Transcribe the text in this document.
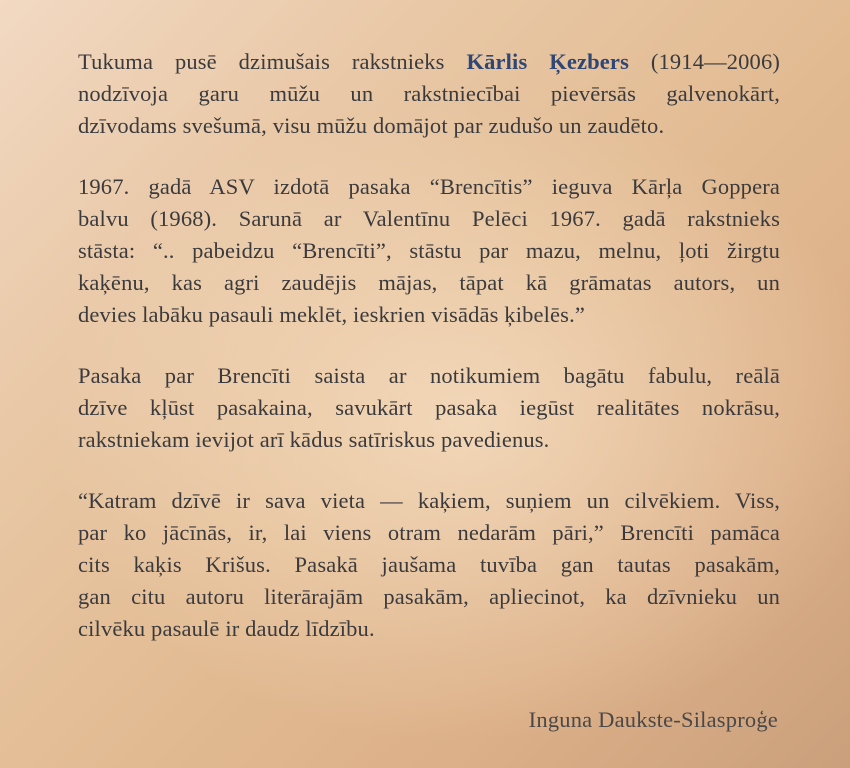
Tukuma pusē dzimušais rakstnieks Kārlis Ķezbers (1914—2006)
nodzīvoja garu mūžu un rakstniecībai pievērsās galvenokārt,
dzīvodams svešumā, visu mūžu domājot par zudušo un zaudēto.

1967. gadā ASV izdotā pasaka “Brencītis” ieguva Kārļa Goppera
balvu (1968). Sarunā ar Valentīnu Pelēci 1967. gadā rakstnieks
stāsta: “.. pabeidzu “Brencīti”, stāstu par mazu, melnu, ļoti žirgtu
kaķēnu, kas agri zaudējis mājas, tāpat kā grāmatas autors, un
devies labāku pasauli meklēt, ieskrien visādās ķibelēs.”

Pasaka par Brencīti saista ar notikumiem bagātu fabulu, reālā
dzīve kļūst pasakaina, savukārt pasaka iegūst realitātes nokrāsu,
rakstniekam ievijot arī kādus satīriskus pavedienus.

“Katram dzīvē ir sava vieta — kaķiem, suņiem un cilvēkiem. Viss,
par ko jācīnās, ir, lai viens otram nedarām pāri,” Brencīti pamāca
cits kaķis Krišus. Pasakā jaušama tuvība gan tautas pasakām,
gan citu autoru literārajām pasakām, apliecinot, ka dzīvnieku un
cilvēku pasaulē ir daudz līdzību.

Inguna Daukste-Silasproģe
